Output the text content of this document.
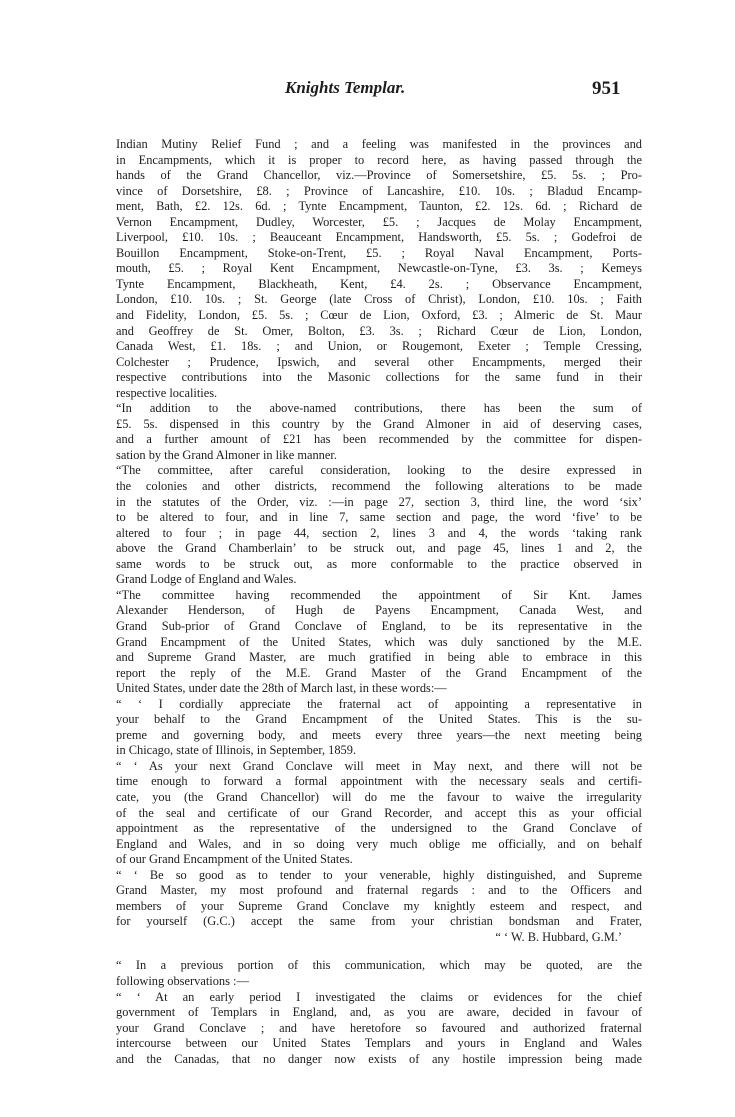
Knights Templar.	951
Indian Mutiny Relief Fund ; and a feeling was manifested in the provinces and
in Encampments, which it is proper to record here, as having passed through the
hands of the Grand Chancellor, viz.—Province of Somersetshire, £5. 5s. ; Pro-
vince of Dorsetshire, £8. ; Province of Lancashire, £10. 10s. ; Bladud Encamp-
ment, Bath, £2. 12s. 6d. ; Tynte Encampment, Taunton, £2. 12s. 6d. ; Richard de
Vernon Encampment, Dudley, Worcester, £5. ; Jacques de Molay Encampment,
Liverpool, £10. 10s. ; Beauceant Encampment, Handsworth, £5. 5s. ; Godefroi de
Bouillon Encampment, Stoke-on-Trent, £5. ; Royal Naval Encampment, Ports-
mouth, £5. ; Royal Kent Encampment, Newcastle-on-Tyne, £3. 3s. ; Kemeys
Tynte Encampment, Blackheath, Kent, £4. 2s. ; Observance Encampment,
London, £10. 10s. ; St. George (late Cross of Christ), London, £10. 10s. ; Faith
and Fidelity, London, £5. 5s. ; Cœur de Lion, Oxford, £3. ; Almeric de St. Maur
and Geoffrey de St. Omer, Bolton, £3. 3s. ; Richard Cœur de Lion, London,
Canada West, £1. 18s. ; and Union, or Rougemont, Exeter ; Temple Cressing,
Colchester ; Prudence, Ipswich, and several other Encampments, merged their
respective contributions into the Masonic collections for the same fund in their
respective localities.
“In addition to the above-named contributions, there has been the sum of
£5. 5s. dispensed in this country by the Grand Almoner in aid of deserving cases,
and a further amount of £21 has been recommended by the committee for dispen-
sation by the Grand Almoner in like manner.
“The committee, after careful consideration, looking to the desire expressed in
the colonies and other districts, recommend the following alterations to be made
in the statutes of the Order, viz. :—in page 27, section 3, third line, the word ‘six’
to be altered to four, and in line 7, same section and page, the word ‘five’ to be
altered to four ; in page 44, section 2, lines 3 and 4, the words ‘taking rank
above the Grand Chamberlain’ to be struck out, and page 45, lines 1 and 2, the
same words to be struck out, as more conformable to the practice observed in
Grand Lodge of England and Wales.
“The committee having recommended the appointment of Sir Knt. James
Alexander Henderson, of Hugh de Payens Encampment, Canada West, and
Grand Sub-prior of Grand Conclave of England, to be its representative in the
Grand Encampment of the United States, which was duly sanctioned by the M.E.
and Supreme Grand Master, are much gratified in being able to embrace in this
report the reply of the M.E. Grand Master of the Grand Encampment of the
United States, under date the 28th of March last, in these words:—
“ ‘ I cordially appreciate the fraternal act of appointing a representative in
your behalf to the Grand Encampment of the United States. This is the su-
preme and governing body, and meets every three years—the next meeting being
in Chicago, state of Illinois, in September, 1859.
“ ‘ As your next Grand Conclave will meet in May next, and there will not be
time enough to forward a formal appointment with the necessary seals and certifi-
cate, you (the Grand Chancellor) will do me the favour to waive the irregularity
of the seal and certificate of our Grand Recorder, and accept this as your official
appointment as the representative of the undersigned to the Grand Conclave of
England and Wales, and in so doing very much oblige me officially, and on behalf
of our Grand Encampment of the United States.
“ ‘ Be so good as to tender to your venerable, highly distinguished, and Supreme
Grand Master, my most profound and fraternal regards : and to the Officers and
members of your Supreme Grand Conclave my knightly esteem and respect, and
for yourself (G.C.) accept the same from your christian bondsman and Frater,
“ ‘ W. B. Hubbard, G.M.’
“ In a previous portion of this communication, which may be quoted, are the
following observations :—
“ ‘ At an early period I investigated the claims or evidences for the chief
government of Templars in England, and, as you are aware, decided in favour of
your Grand Conclave ; and have heretofore so favoured and authorized fraternal
intercourse between our United States Templars and yours in England and Wales
and the Canadas, that no danger now exists of any hostile impression being made
